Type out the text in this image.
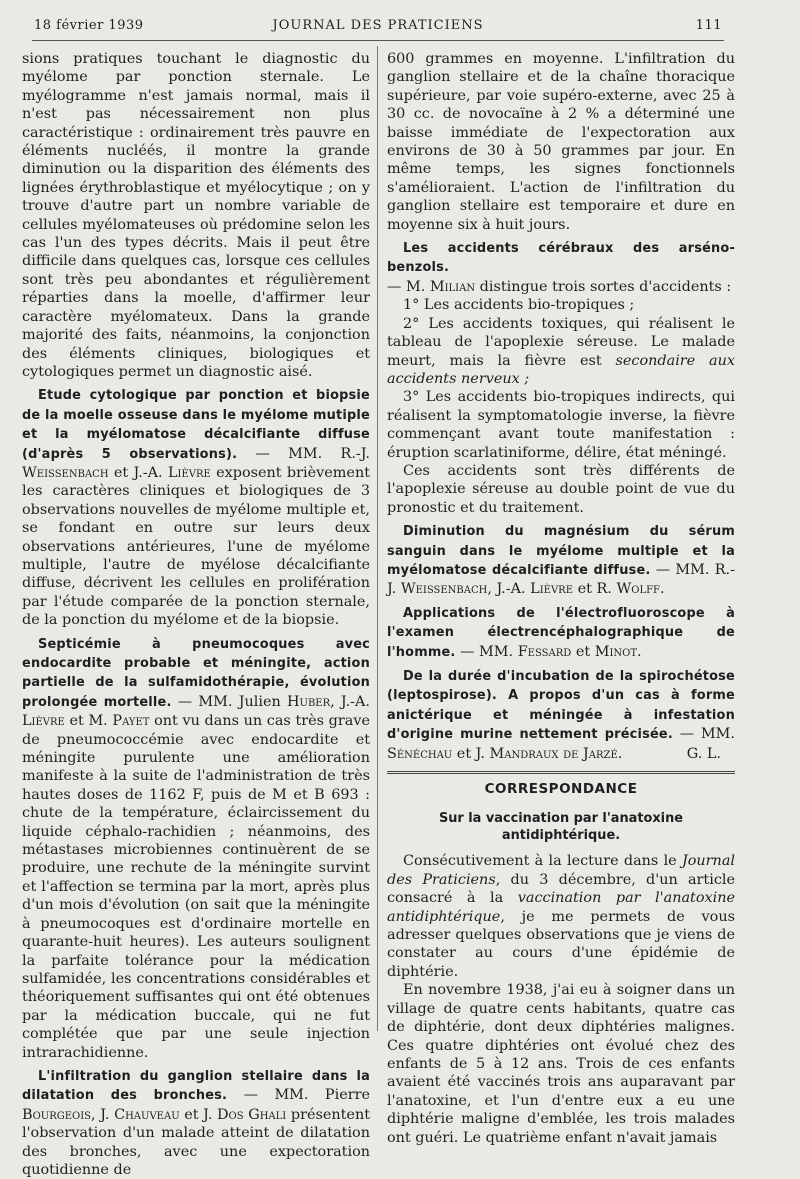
18 février 1939	JOURNAL DES PRATICIENS	111

sions pratiques touchant le diagnostic du myélome par ponction sternale. Le myélogramme n'est jamais normal, mais il n'est pas nécessairement non plus caractéristique : ordinairement très pauvre en éléments nucléés, il montre la grande diminution ou la disparition des éléments des lignées érythroblastique et myélocytique ; on y trouve d'autre part un nombre variable de cellules myélomateuses où prédomine selon les cas l'un des types décrits. Mais il peut être difficile dans quelques cas, lorsque ces cellules sont très peu abondantes et régulièrement réparties dans la moelle, d'affirmer leur caractère myélomateux. Dans la grande majorité des faits, néanmoins, la conjonction des éléments cliniques, biologiques et cytologiques permet un diagnostic aisé.

Etude cytologique par ponction et biopsie de la moelle osseuse dans le myélome mutiple et la myélomatose décalcifiante diffuse (d'après 5 observations). — MM. R.-J. Weissenbach et J.-A. Lièvre exposent brièvement les caractères cliniques et biologiques de 3 observations nouvelles de myélome multiple et, se fondant en outre sur leurs deux observations antérieures, l'une de myélome multiple, l'autre de myélose décalcifiante diffuse, décrivent les cellules en prolifération par l'étude comparée de la ponction sternale, de la ponction du myélome et de la biopsie.

Septicémie à pneumocoques avec endocardite probable et méningite, action partielle de la sulfamidothérapie, évolution prolongée mortelle. — MM. Julien Huber, J.-A. Lièvre et M. Payet ont vu dans un cas très grave de pneumococcémie avec endocardite et méningite purulente une amélioration manifeste à la suite de l'administration de très hautes doses de 1162 F, puis de M et B 693 : chute de la température, éclaircissement du liquide céphalo-rachidien ; néanmoins, des métastases microbiennes continuèrent de se produire, une rechute de la méningite survint et l'affection se termina par la mort, après plus d'un mois d'évolution (on sait que la méningite à pneumocoques est d'ordinaire mortelle en quarante-huit heures). Les auteurs soulignent la parfaite tolérance pour la médication sulfamidée, les concentrations considérables et théoriquement suffisantes qui ont été obtenues par la médication buccale, qui ne fut complétée que par une seule injection intrarachidienne.

L'infiltration du ganglion stellaire dans la dilatation des bronches. — MM. Pierre Bourgeois, J. Chauveau et J. Dos Ghali présentent l'observation d'un malade atteint de dilatation des bronches, avec une expectoration quotidienne de

600 grammes en moyenne. L'infiltration du ganglion stellaire et de la chaîne thoracique supérieure, par voie supéro-externe, avec 25 à 30 cc. de novocaïne à 2 % a déterminé une baisse immédiate de l'expectoration aux environs de 30 à 50 grammes par jour. En même temps, les signes fonctionnels s'amélioraient. L'action de l'infiltration du ganglion stellaire est temporaire et dure en moyenne six à huit jours.

Les accidents cérébraux des arséno-benzols.
— M. Milian distingue trois sortes d'accidents :

1° Les accidents bio-tropiques ;

2° Les accidents toxiques, qui réalisent le tableau de l'apoplexie séreuse. Le malade meurt, mais la fièvre est secondaire aux accidents nerveux ;

3° Les accidents bio-tropiques indirects, qui réalisent la symptomatologie inverse, la fièvre commençant avant toute manifestation : éruption scarlatiniforme, délire, état méningé.

Ces accidents sont très différents de l'apoplexie séreuse au double point de vue du pronostic et du traitement.

Diminution du magnésium du sérum sanguin dans le myélome multiple et la myélomatose décalcifiante diffuse. — MM. R.-J. Weissenbach, J.-A. Lièvre et R. Wolff.

Applications de l'électrofluoroscope à l'examen électrencéphalographique de l'homme. — MM. Fessard et Minot.

De la durée d'incubation de la spirochétose (leptospirose). A propos d'un cas à forme anictérique et méningée à infestation d'origine murine nettement précisée. — MM. Sénéchau et J. Mandraux de Jarzé.	G. L.

CORRESPONDANCE
Sur la vaccination par l'anatoxine antidiphtérique.

Consécutivement à la lecture dans le Journal des Praticiens, du 3 décembre, d'un article consacré à la vaccination par l'anatoxine antidiphtérique, je me permets de vous adresser quelques observations que je viens de constater au cours d'une épidémie de diphtérie.

En novembre 1938, j'ai eu à soigner dans un village de quatre cents habitants, quatre cas de diphtérie, dont deux diphtéries malignes. Ces quatre diphtéries ont évolué chez des enfants de 5 à 12 ans. Trois de ces enfants avaient été vaccinés trois ans auparavant par l'anatoxine, et l'un d'entre eux a eu une diphtérie maligne d'emblée, les trois malades ont guéri. Le quatrième enfant n'avait jamais
